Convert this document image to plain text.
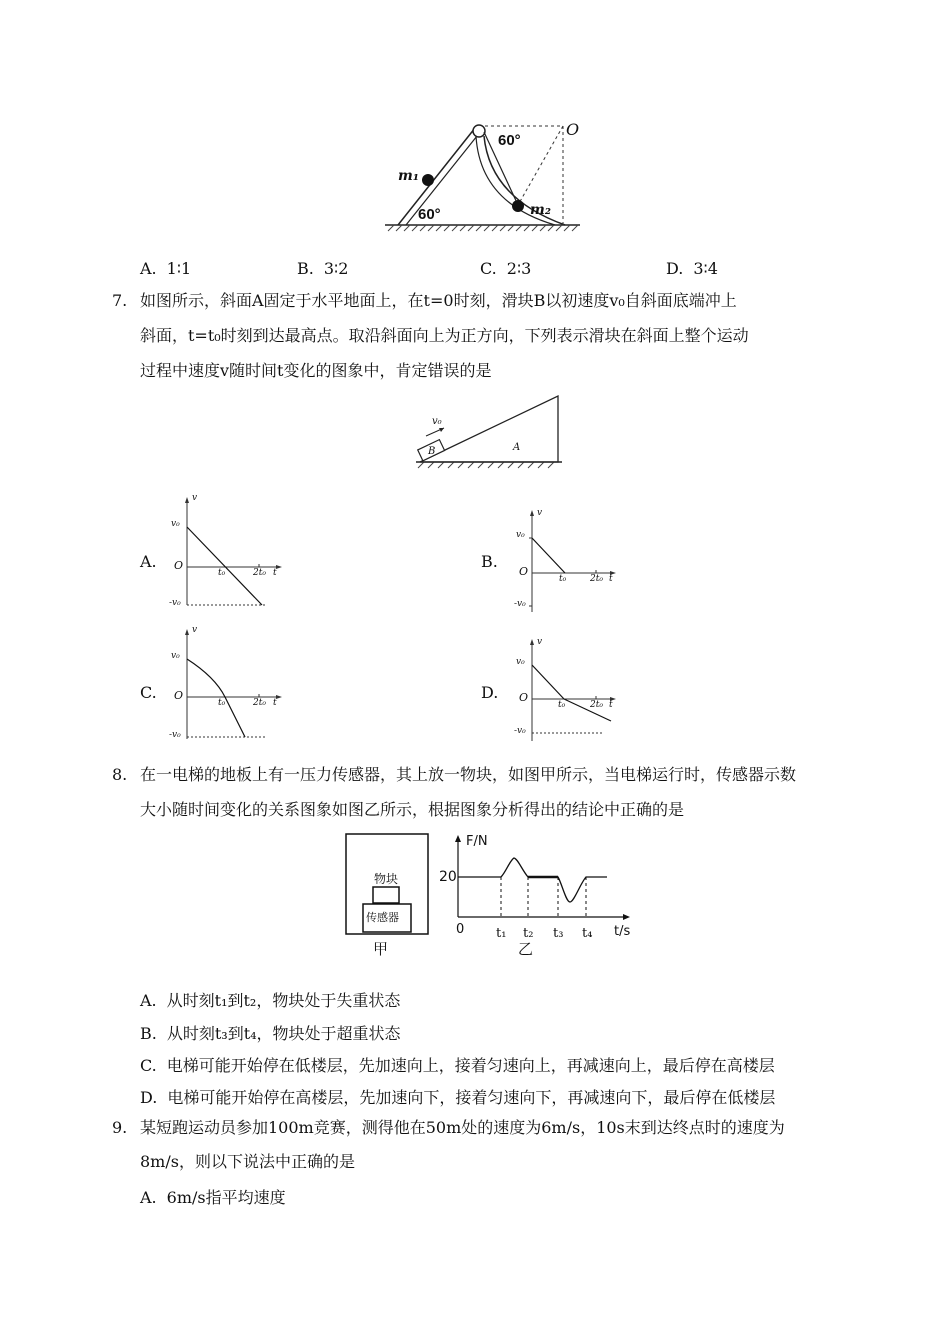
60°
O
m₁
m₂
60°
A. 1∶1	B. 3∶2	C. 2∶3	D. 3∶4
7. 如图所示，斜面A固定于水平地面上，在t=0时刻，滑块B以初速度v₀自斜面底端冲上
斜面，t=t₀时刻到达最高点。取沿斜面向上为正方向，下列表示滑块在斜面上整个运动
过程中速度v随时间t变化的图象中，肯定错误的是
v₀
B	A
A.	B.
C.	D.
v
v₀
O
t₀	2t₀ t
-v₀
v
v₀
O
t₀	2t₀ t
-v₀
v
v₀
O
t₀	2t₀ t
-v₀
v
v₀
O
t₀	2t₀ t
-v₀
8. 在一电梯的地板上有一压力传感器，其上放一物块，如图甲所示，当电梯运行时，传感器示数
大小随时间变化的关系图象如图乙所示，根据图象分析得出的结论中正确的是
物块
传感器
甲
F/N
20
0 t₁ t₂ t₃ t₄ t/s
乙
A. 从时刻t₁到t₂，物块处于失重状态
B. 从时刻t₃到t₄，物块处于超重状态
C. 电梯可能开始停在低楼层，先加速向上，接着匀速向上，再减速向上，最后停在高楼层
D. 电梯可能开始停在高楼层，先加速向下，接着匀速向下，再减速向下，最后停在低楼层
9. 某短跑运动员参加100m竞赛，测得他在50m处的速度为6m/s，10s末到达终点时的速度为
8m/s，则以下说法中正确的是
A. 6m/s指平均速度
